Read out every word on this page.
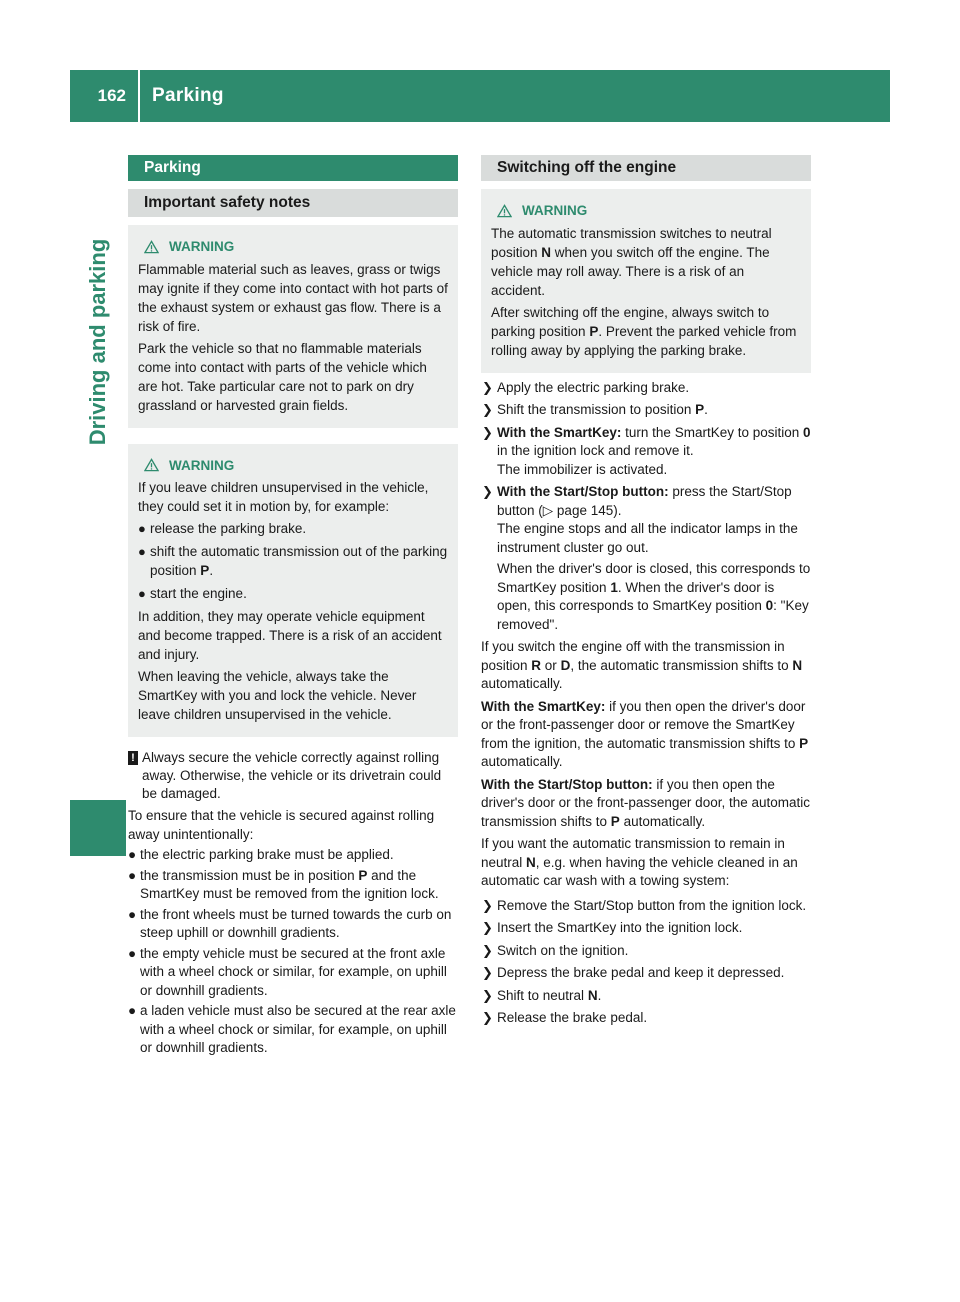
162 Parking
Driving and parking
Parking
Important safety notes
WARNING

Flammable material such as leaves, grass or twigs may ignite if they come into contact with hot parts of the exhaust system or exhaust gas flow. There is a risk of fire.

Park the vehicle so that no flammable materials come into contact with parts of the vehicle which are hot. Take particular care not to park on dry grassland or harvested grain fields.

WARNING

If you leave children unsupervised in the vehicle, they could set it in motion by, for example:

● release the parking brake.
● shift the automatic transmission out of the parking position P.
● start the engine.

In addition, they may operate vehicle equipment and become trapped. There is a risk of an accident and injury.

When leaving the vehicle, always take the SmartKey with you and lock the vehicle. Never leave children unsupervised in the vehicle.

! Always secure the vehicle correctly against rolling away. Otherwise, the vehicle or its drivetrain could be damaged.

To ensure that the vehicle is secured against rolling away unintentionally:

● the electric parking brake must be applied.
● the transmission must be in position P and the SmartKey must be removed from the ignition lock.
● the front wheels must be turned towards the curb on steep uphill or downhill gradients.
● the empty vehicle must be secured at the front axle with a wheel chock or similar, for example, on uphill or downhill gradients.
● a laden vehicle must also be secured at the rear axle with a wheel chock or similar, for example, on uphill or downhill gradients.
Switching off the engine
WARNING

The automatic transmission switches to neutral position N when you switch off the engine. The vehicle may roll away. There is a risk of an accident.

After switching off the engine, always switch to parking position P. Prevent the parked vehicle from rolling away by applying the parking brake.

❯ Apply the electric parking brake.
❯ Shift the transmission to position P.
❯ With the SmartKey: turn the SmartKey to position 0 in the ignition lock and remove it.

The immobilizer is activated.

❯ With the Start/Stop button: press the Start/Stop button (▷ page 145).

The engine stops and all the indicator lamps in the instrument cluster go out.

When the driver's door is closed, this corresponds to SmartKey position 1. When the driver's door is open, this corresponds to SmartKey position 0: "Key removed".

If you switch the engine off with the transmission in position R or D, the automatic transmission shifts to N automatically.

With the SmartKey: if you then open the driver's door or the front-passenger door or remove the SmartKey from the ignition, the automatic transmission shifts to P automatically.

With the Start/Stop button: if you then open the driver's door or the front-passenger door, the automatic transmission shifts to P automatically.

If you want the automatic transmission to remain in neutral N, e.g. when having the vehicle cleaned in an automatic car wash with a towing system:

❯ Remove the Start/Stop button from the ignition lock.
❯ Insert the SmartKey into the ignition lock.
❯ Switch on the ignition.
❯ Depress the brake pedal and keep it depressed.
❯ Shift to neutral N.
❯ Release the brake pedal.
